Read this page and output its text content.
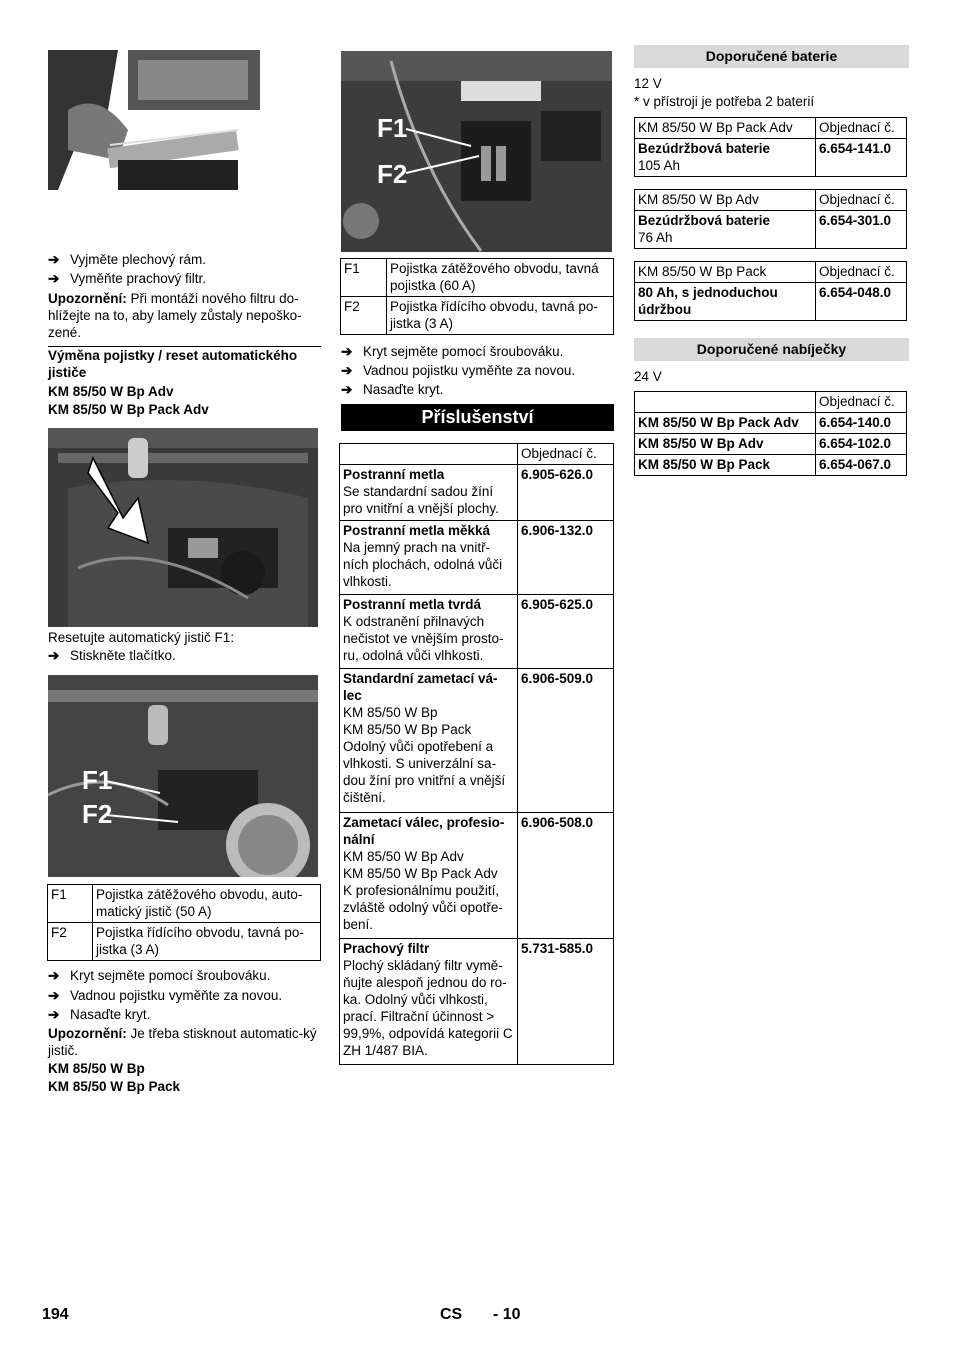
➔ Vyjměte plechový rám.
➔ Vyměňte prachový filtr.
Upozornění: Při montáži nového filtru do-hlížejte na to, aby lamely zůstaly nepoško-zené.
Výměna pojistky / reset automatického
jističe
KM 85/50 W Bp Adv
KM 85/50 W Bp Pack Adv
Resetujte automatický jistič F1:
➔ Stiskněte tlačítko.
F1
F2
F1	Pojistka zátěžového obvodu, auto-matický jistič (50 A)
F2	Pojistka řídícího obvodu, tavná po-jistka (3 A)
➔ Kryt sejměte pomocí šroubováku.
➔ Vadnou pojistku vyměňte za novou.
➔ Nasaďte kryt.
Upozornění: Je třeba stisknout automatic-ký jistič.
KM 85/50 W Bp
KM 85/50 W Bp Pack
F1
F2
F1	Pojistka zátěžového obvodu, tavná pojistka (60 A)
F2	Pojistka řídícího obvodu, tavná po-jistka (3 A)
➔ Kryt sejměte pomocí šroubováku.
➔ Vadnou pojistku vyměňte za novou.
➔ Nasaďte kryt.
Příslušenství
	Objednací č.
Postranní metla
Se standardní sadou žíní pro vnitřní a vnější plochy.	6.905-626.0
Postranní metla měkká
Na jemný prach na vnitř-ních plochách, odolná vůči vlhkosti.	6.906-132.0
Postranní metla tvrdá
K odstranění přilnavých nečistot ve vnějším prosto-ru, odolná vůči vlhkosti.	6.905-625.0
Standardní zametací vá-lec
KM 85/50 W Bp
KM 85/50 W Bp Pack
Odolný vůči opotřebení a vlhkosti. S univerzální sa-dou žíní pro vnitřní a vnější čištění.	6.906-509.0
Zametací válec, profesio-nální
KM 85/50 W Bp Adv
KM 85/50 W Bp Pack Adv
K profesionálnímu použití, zvláště odolný vůči opotře-bení.	6.906-508.0
Prachový filtr
Plochý skládaný filtr vymě-ňujte alespoň jednou do ro-ka. Odolný vůči vlhkosti, prací. Filtrační účinnost > 99,9%, odpovídá kategorii C ZH 1/487 BIA.	5.731-585.0
Doporučené baterie
12 V
* v přístroji je potřeba 2 baterií
KM 85/50 W Bp Pack Adv	Objednací č.
Bezúdržbová baterie
105 Ah	6.654-141.0
KM 85/50 W Bp Adv	Objednací č.
Bezúdržbová baterie
76 Ah	6.654-301.0
KM 85/50 W Bp Pack	Objednací č.
80 Ah, s jednoduchou údržbou	6.654-048.0
Doporučené nabíječky
24 V
	Objednací č.
KM 85/50 W Bp Pack Adv	6.654-140.0
KM 85/50 W Bp Adv	6.654-102.0
KM 85/50 W Bp Pack	6.654-067.0
194	CS - 10
